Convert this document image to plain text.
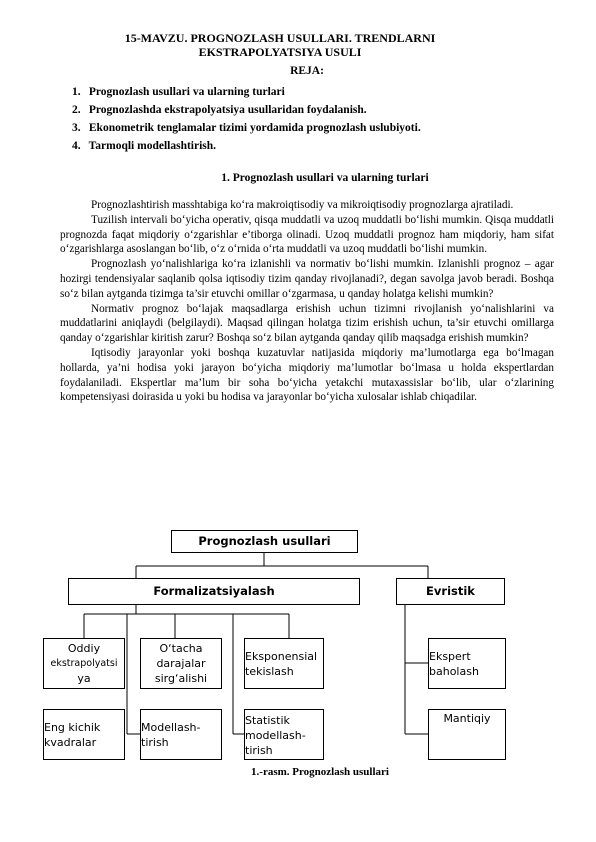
15-MAVZU. PROGNOZLASH USULLARI. TRENDLARNI
EKSTRAPOLYATSIYA USULI
REJA:
1. Prognozlash usullari va ularning turlari
2. Prognozlashda ekstrapolyatsiya usullaridan foydalanish.
3. Ekonometrik tenglamalar tizimi yordamida prognozlash uslubiyoti.
4. Tarmoqli modellashtirish.
1. Prognozlash usullari va ularning turlari

Prognozlashtirish masshtabiga ko‘ra makroiqtisodiy va mikroiqtisodiy prognozlarga ajratiladi.

Tuzilish intervali bo‘yicha operativ, qisqa muddatli va uzoq muddatli bo‘lishi mumkin. Qisqa muddatli prognozda faqat miqdoriy o‘zgarishlar e’tiborga olinadi. Uzoq muddatli prognoz ham miqdoriy, ham sifat o‘zgarishlarga asoslangan bo‘lib, o‘z o‘rnida o‘rta muddatli va uzoq muddatli bo‘lishi mumkin.

Prognozlash yo‘nalishlariga ko‘ra izlanishli va normativ bo‘lishi mumkin. Izlanishli prognoz – agar hozirgi tendensiyalar saqlanib qolsa iqtisodiy tizim qanday rivojlanadi?, degan savolga javob beradi. Boshqa so‘z bilan aytganda tizimga ta’sir etuvchi omillar o‘zgarmasa, u qanday holatga kelishi mumkin?

Normativ prognoz bo‘lajak maqsadlarga erishish uchun tizimni rivojlanish yo‘nalishlarini va muddatlarini aniqlaydi (belgilaydi). Maqsad qilingan holatga tizim erishish uchun, ta’sir etuvchi omillarga qanday o‘zgarishlar kiritish zarur? Boshqa so‘z bilan aytganda qanday qilib maqsadga erishish mumkin?

Iqtisodiy jarayonlar yoki boshqa kuzatuvlar natijasida miqdoriy ma’lumotlarga ega bo‘lmagan hollarda, ya’ni hodisa yoki jarayon bo‘yicha miqdoriy ma’lumotlar bo‘lmasa u holda ekspertlardan foydalaniladi. Ekspertlar ma’lum bir soha bo‘yicha yetakchi mutaxassislar bo‘lib, ular o‘zlarining kompetensiyasi doirasida u yoki bu hodisa va jarayonlar bo‘yicha xulosalar ishlab chiqadilar.

Prognozlash usullari
Formalizatsiyalash	Evristik
Oddiy
ekstrapolyatsi
ya
O‘tacha
darajalar
sirg‘alishi
Eksponensial
tekislash
Ekspert
baholash
Eng kichik
kvadralar
Modellash-
tirish
Statistik
modellash-
tirish
Mantiqiy
1.-rasm. Prognozlash usullari
